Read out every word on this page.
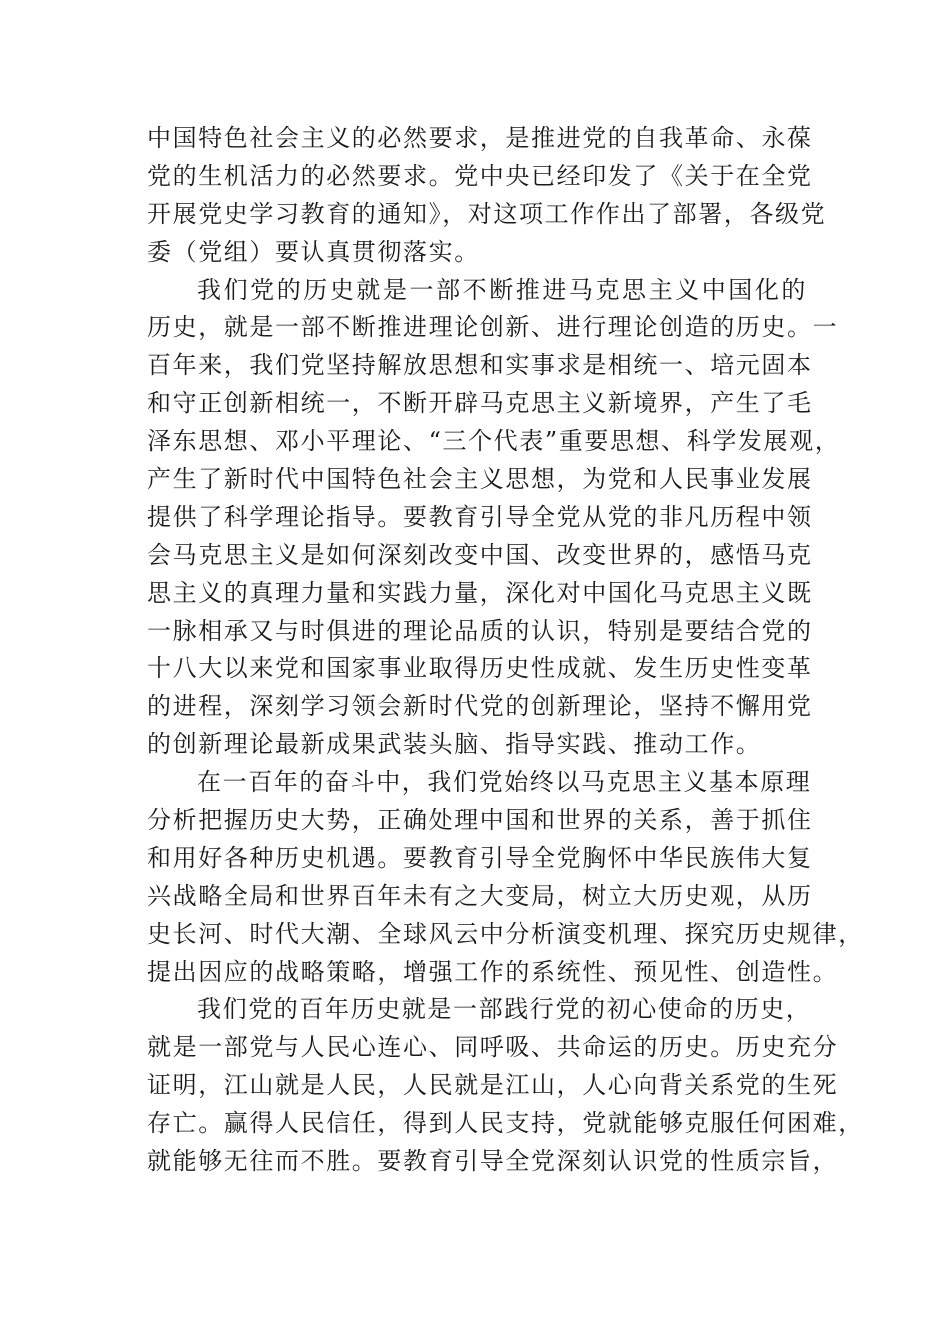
中国特色社会主义的必然要求，是推进党的自我革命、永葆
党的生机活力的必然要求。党中央已经印发了《关于在全党
开展党史学习教育的通知》，对这项工作作出了部署，各级党
委（党组）要认真贯彻落实。
我们党的历史就是一部不断推进马克思主义中国化的
历史，就是一部不断推进理论创新、进行理论创造的历史。一
百年来，我们党坚持解放思想和实事求是相统一、培元固本
和守正创新相统一，不断开辟马克思主义新境界，产生了毛
泽东思想、邓小平理论、“三个代表”重要思想、科学发展观，
产生了新时代中国特色社会主义思想，为党和人民事业发展
提供了科学理论指导。要教育引导全党从党的非凡历程中领
会马克思主义是如何深刻改变中国、改变世界的，感悟马克
思主义的真理力量和实践力量，深化对中国化马克思主义既
一脉相承又与时俱进的理论品质的认识，特别是要结合党的
十八大以来党和国家事业取得历史性成就、发生历史性变革
的进程，深刻学习领会新时代党的创新理论，坚持不懈用党
的创新理论最新成果武装头脑、指导实践、推动工作。
在一百年的奋斗中，我们党始终以马克思主义基本原理
分析把握历史大势，正确处理中国和世界的关系，善于抓住
和用好各种历史机遇。要教育引导全党胸怀中华民族伟大复
兴战略全局和世界百年未有之大变局，树立大历史观，从历
史长河、时代大潮、全球风云中分析演变机理、探究历史规律，
提出因应的战略策略，增强工作的系统性、预见性、创造性。
我们党的百年历史就是一部践行党的初心使命的历史，
就是一部党与人民心连心、同呼吸、共命运的历史。历史充分
证明，江山就是人民，人民就是江山，人心向背关系党的生死
存亡。赢得人民信任，得到人民支持，党就能够克服任何困难，
就能够无往而不胜。要教育引导全党深刻认识党的性质宗旨，
